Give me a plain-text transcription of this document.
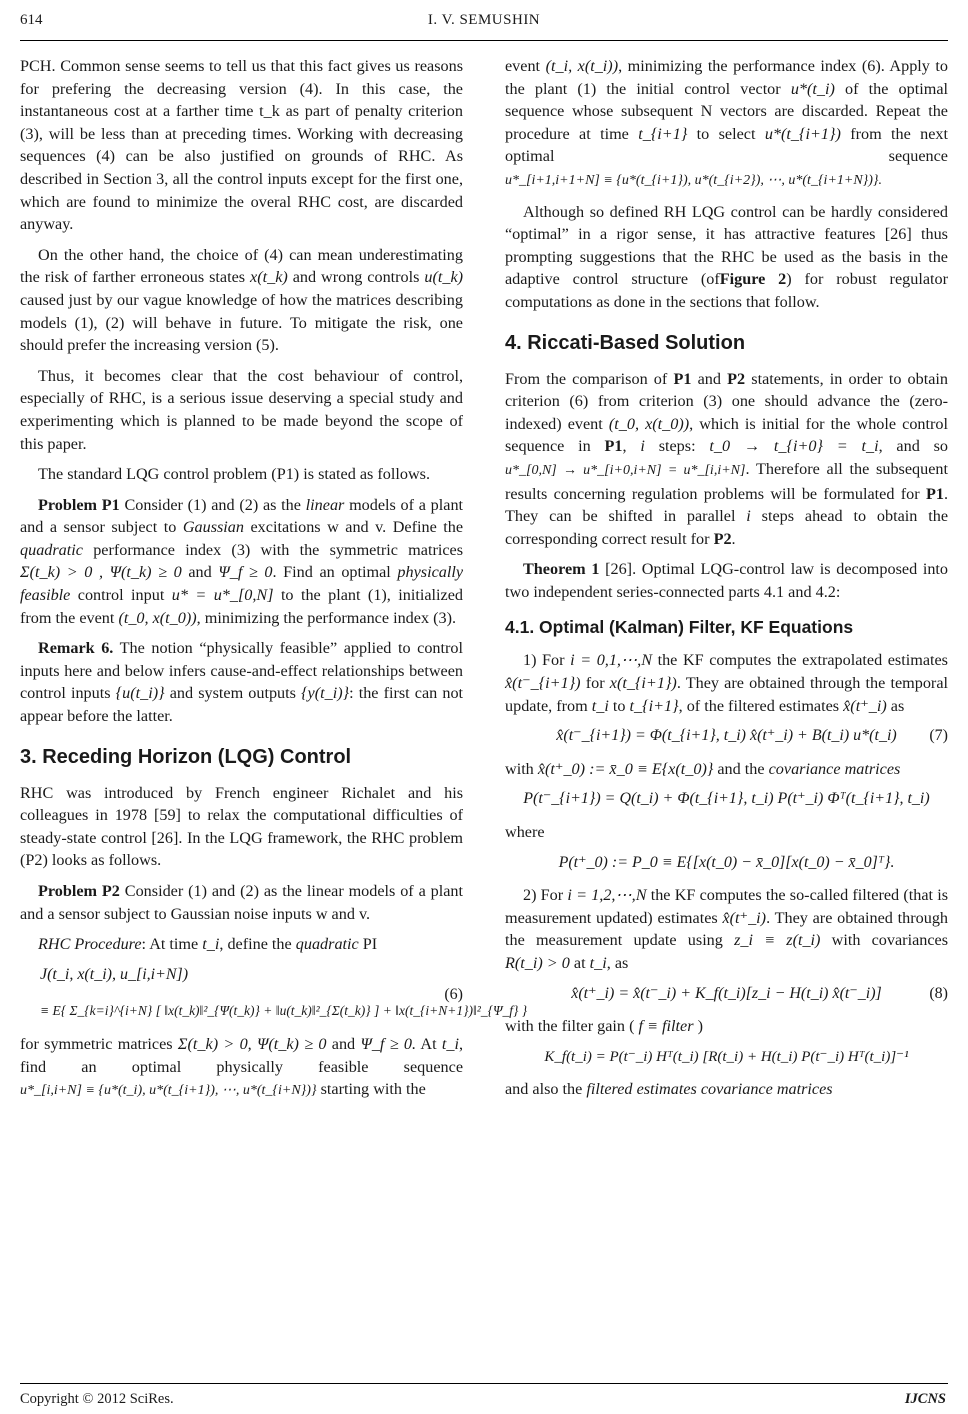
614	I. V. SEMUSHIN

PCH. Common sense seems to tell us that this fact gives us reasons for prefering the decreasing version (4). In this case, the instantaneous cost at a farther time t_k as part of penalty criterion (3), will be less than at preceding times. Working with decreasing sequences (4) can be also justified on grounds of RHC. As described in Section 3, all the control inputs except for the first one, which are found to minimize the overal RHC cost, are discarded anyway.

On the other hand, the choice of (4) can mean underestimating the risk of farther erroneous states x(t_k) and wrong controls u(t_k) caused just by our vague knowledge of how the matrices describing models (1), (2) will behave in future. To mitigate the risk, one should prefer the increasing version (5).

Thus, it becomes clear that the cost behaviour of control, especially of RHC, is a serious issue deserving a special study and experimenting which is planned to be made beyond the scope of this paper.

The standard LQG control problem (P1) is stated as follows.

Problem P1 Consider (1) and (2) as the linear models of a plant and a sensor subject to Gaussian excitations w and v. Define the quadratic performance index (3) with the symmetric matrices Σ(t_k) > 0 , Ψ(t_k) ≥ 0 and Ψ_f ≥ 0. Find an optimal physically feasible control input u* = u*_[0,N] to the plant (1), initialized from the event (t_0, x(t_0)), minimizing the performance index (3).

Remark 6. The notion “physically feasible” applied to control inputs here and below infers cause-and-effect relationships between control inputs {u(t_i)} and system outputs {y(t_i)}: the first can not appear before the latter.

3. Receding Horizon (LQG) Control

RHC was introduced by French engineer Richalet and his colleagues in 1978 [59] to relax the computational difficulties of steady-state control [26]. In the LQG framework, the RHC problem (P2) looks as follows.

Problem P2 Consider (1) and (2) as the linear models of a plant and a sensor subject to Gaussian noise inputs w and v.

RHC Procedure: At time t_i, define the quadratic PI

J(t_i, x(t_i), u_[i,i+N])
≡ E{ Σ_{k=i}^{i+N} [ ‖x(t_k)‖²_{Ψ(t_k)} + ‖u(t_k)‖²_{Σ(t_k)} ] + ‖x(t_{i+N+1})‖²_{Ψ_f} }
(6)

for symmetric matrices Σ(t_k) > 0, Ψ(t_k) ≥ 0 and Ψ_f ≥ 0. At t_i, find an optimal physically feasible sequence u*_[i,i+N] ≡ {u*(t_i), u*(t_{i+1}), ⋯, u*(t_{i+N})} starting with the

event (t_i, x(t_i)), minimizing the performance index (6). Apply to the plant (1) the initial control vector u*(t_i) of the optimal sequence whose subsequent N vectors are discarded. Repeat the procedure at time t_{i+1} to select u*(t_{i+1}) from the next optimal sequence u*_[i+1,i+1+N] ≡ {u*(t_{i+1}), u*(t_{i+2}), ⋯, u*(t_{i+1+N})}.

Although so defined RH LQG control can be hardly considered “optimal” in a rigor sense, it has attractive features [26] thus prompting suggestions that the RHC be used as the basis in the adaptive control structure (ofFigure 2) for robust regulator computations as done in the sections that follow.

4. Riccati-Based Solution

From the comparison of P1 and P2 statements, in order to obtain criterion (6) from criterion (3) one should advance the (zero-indexed) event (t_0, x(t_0)), which is initial for the whole control sequence in P1, i steps: t_0 → t_{i+0} = t_i, and so u*_[0,N] → u*_[i+0,i+N] = u*_[i,i+N]. Therefore all the subsequent results concerning regulation problems will be formulated for P1. They can be shifted in parallel i steps ahead to obtain the corresponding correct result for P2.

Theorem 1 [26]. Optimal LQG-control law is decomposed into two independent series-connected parts 4.1 and 4.2:

4.1. Optimal (Kalman) Filter, KF Equations

1) For i = 0,1,⋯,N the KF computes the extrapolated estimates x̂(t⁻_{i+1}) for x(t_{i+1}). They are obtained through the temporal update, from t_i to t_{i+1}, of the filtered estimates x̂(t⁺_i) as

x̂(t⁻_{i+1}) = Φ(t_{i+1}, t_i) x̂(t⁺_i) + B(t_i) u*(t_i)	(7)

with x̂(t⁺_0) := x̄_0 ≡ E{x(t_0)} and the covariance matrices

P(t⁻_{i+1}) = Q(t_i) + Φ(t_{i+1}, t_i) P(t⁺_i) Φᵀ(t_{i+1}, t_i)

where

P(t⁺_0) := P_0 ≡ E{[x(t_0) − x̄_0][x(t_0) − x̄_0]ᵀ}.

2) For i = 1,2,⋯,N the KF computes the so-called filtered (that is measurement updated) estimates x̂(t⁺_i). They are obtained through the measurement update using z_i ≡ z(t_i) with covariances R(t_i) > 0 at t_i, as

x̂(t⁺_i) = x̂(t⁻_i) + K_f(t_i)[z_i − H(t_i) x̂(t⁻_i)]	(8)

with the filter gain ( f ≡ filter )

K_f(t_i) = P(t⁻_i) Hᵀ(t_i) [R(t_i) + H(t_i) P(t⁻_i) Hᵀ(t_i)]⁻¹

and also the filtered estimates covariance matrices

Copyright © 2012 SciRes.	IJCNS
